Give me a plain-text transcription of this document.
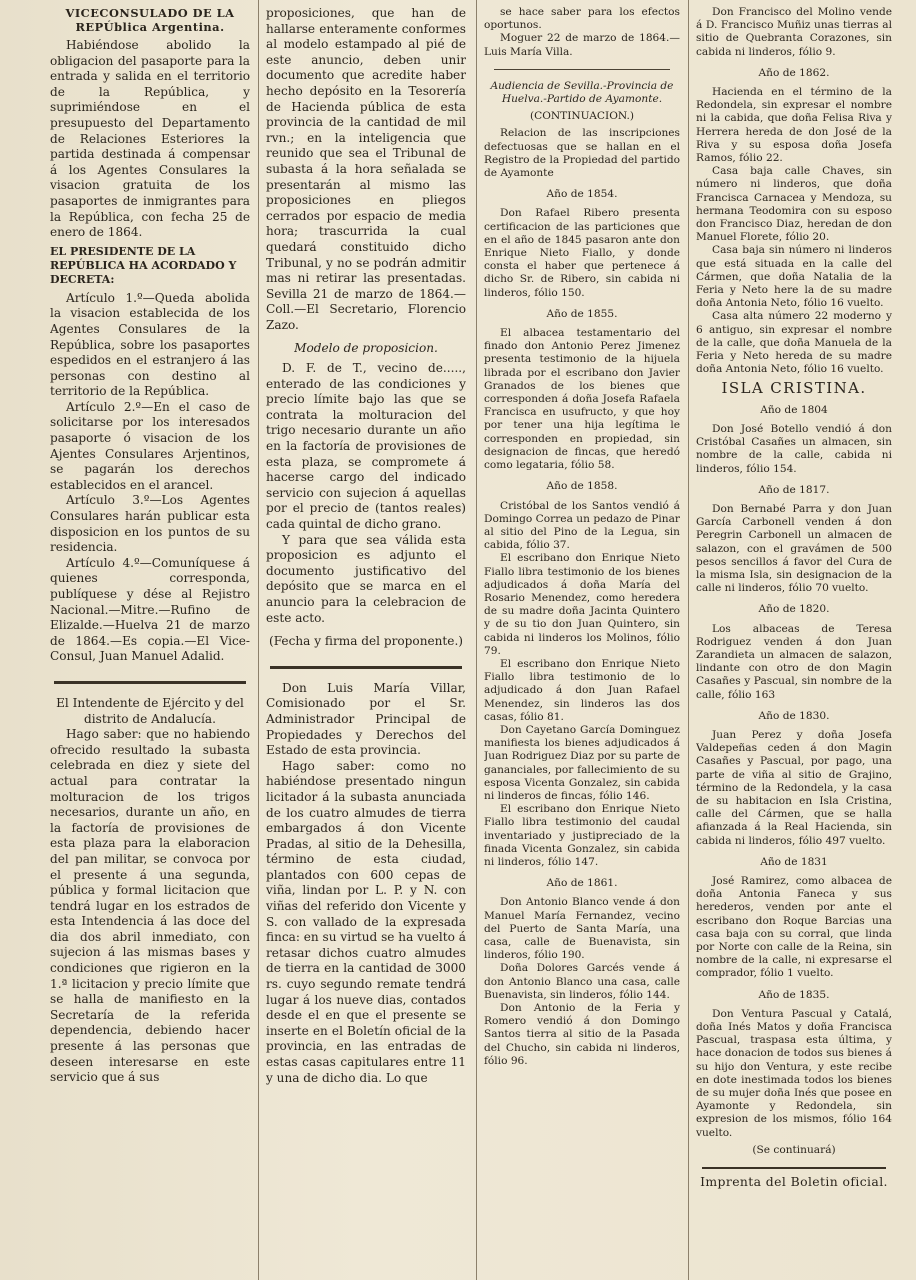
VICECONSULADO DE LA REPÚblica Argentina.

Habiéndose abolido la obligacion del pasaporte para la entrada y salida en el territorio de la República, y suprimiéndose en el presupuesto del Departamento de Relaciones Esteriores la partida destinada á compensar á los Agentes Consulares la visacion gratuita de los pasaportes de inmigrantes para la República, con fecha 25 de enero de 1864.

EL PRESIDENTE DE LA REPÚBLICA HA ACORDADO Y DECRETA:

Artículo 1.º—Queda abolida la visacion establecida de los Agentes Consulares de la República, sobre los pasaportes espedidos en el estranjero á las personas con destino al territorio de la República.

Artículo 2.º—En el caso de solicitarse por los interesados pasaporte ó visacion de los Ajentes Consulares Arjentinos, se pagarán los derechos establecidos en el arancel.

Artículo 3.º—Los Agentes Consulares harán publicar esta disposicion en los puntos de su residencia.

Artículo 4.º—Comuníquese á quienes corresponda, publíquese y dése al Rejistro Nacional.—Mitre.—Rufino de Elizalde.—Huelva 21 de marzo de 1864.—Es copia.—El Vice-Consul, Juan Manuel Adalid.

El Intendente de Ejército y del distrito de Andalucía.

Hago saber: que no habiendo ofrecido resultado la subasta celebrada en diez y siete del actual para contratar la molturacion de los trigos necesarios, durante un año, en la factoría de provisiones de esta plaza para la elaboracion del pan militar, se convoca por el presente á una segunda, pública y formal licitacion que tendrá lugar en los estrados de esta Intendencia á las doce del dia dos abril inmediato, con sujecion á las mismas bases y condiciones que rigieron en la 1.ª licitacion y precio límite que se halla de manifiesto en la Secretaría de la referida dependencia, debiendo hacer presente á las personas que deseen interesarse en este servicio que á sus

proposiciones, que han de hallarse enteramente conformes al modelo estampado al pié de este anuncio, deben unir documento que acredite haber hecho depósito en la Tesorería de Hacienda pública de esta provincia de la cantidad de mil rvn.; en la inteligencia que reunido que sea el Tribunal de subasta á la hora señalada se presentarán al mismo las proposiciones en pliegos cerrados por espacio de media hora; trascurrida la cual quedará constituido dicho Tribunal, y no se podrán admitir mas ni retirar las presentadas. Sevilla 21 de marzo de 1864.—Coll.—El Secretario, Florencio Zazo.

Modelo de proposicion.

D. F. de T., vecino de....., enterado de las condiciones y precio límite bajo las que se contrata la molturacion del trigo necesario durante un año en la factoría de provisiones de esta plaza, se compromete á hacerse cargo del indicado servicio con sujecion á aquellas por el precio de (tantos reales) cada quintal de dicho grano.

Y para que sea válida esta proposicion es adjunto el documento justificativo del depósito que se marca en el anuncio para la celebracion de este acto.

(Fecha y firma del proponente.)

Don Luis María Villar, Comisionado por el Sr. Administrador Principal de Propiedades y Derechos del Estado de esta provincia.

Hago saber: como no habiéndose presentado ningun licitador á la subasta anunciada de los cuatro almudes de tierra embargados á don Vicente Pradas, al sitio de la Dehesilla, término de esta ciudad, plantados con 600 cepas de viña, lindan por L. P. y N. con viñas del referido don Vicente y S. con vallado de la expresada finca: en su virtud se ha vuelto á retasar dichos cuatro almudes de tierra en la cantidad de 3000 rs. cuyo segundo remate tendrá lugar á los nueve dias, contados desde el en que el presente se inserte en el Boletín oficial de la provincia, en las entradas de estas casas capitulares entre 11 y una de dicho dia. Lo que

se hace saber para los efectos oportunos.

Moguer 22 de marzo de 1864.—Luis María Villa.

Audiencia de Sevilla.-Provincia de Huelva.-Partido de Ayamonte.

(CONTINUACION.)

Relacion de las inscripciones defectuosas que se hallan en el Registro de la Propiedad del partido de Ayamonte

Año de 1854.

Don Rafael Ribero presenta certificacion de las particiones que en el año de 1845 pasaron ante don Enrique Nieto Fiallo, y donde consta el haber que pertenece á dicho Sr. de Ribero, sin cabida ni linderos, fólio 150.

Año de 1855.

El albacea testamentario del finado don Antonio Perez Jimenez presenta testimonio de la hijuela librada por el escribano don Javier Granados de los bienes que corresponden á doña Josefa Rafaela Francisca en usufructo, y que hoy por tener una hija legítima le corresponden en propiedad, sin designacion de fincas, que heredó como legataria, fólio 58.

Año de 1858.

Cristóbal de los Santos vendió á Domingo Correa un pedazo de Pinar al sitio del Pino de la Legua, sin cabida, fólio 37.

El escribano don Enrique Nieto Fiallo libra testimonio de los bienes adjudicados á doña María del Rosario Menendez, como heredera de su madre doña Jacinta Quintero y de su tio don Juan Quintero, sin cabida ni linderos los Molinos, fólio 79.

El escribano don Enrique Nieto Fiallo libra testimonio de lo adjudicado á don Juan Rafael Menendez, sin linderos las dos casas, fólio 81.

Don Cayetano García Dominguez manifiesta los bienes adjudicados á Juan Rodriguez Diaz por su parte de gananciales, por fallecimiento de su esposa Vicenta Gonzalez, sin cabida ni linderos de fincas, fólio 146.

El escribano don Enrique Nieto Fiallo libra testimonio del caudal inventariado y justipreciado de la finada Vicenta Gonzalez, sin cabida ni linderos, fólio 147.

Año de 1861.

Don Antonio Blanco vende á don Manuel María Fernandez, vecino del Puerto de Santa María, una casa, calle de Buenavista, sin linderos, fólio 190.

Doña Dolores Garcés vende á don Antonio Blanco una casa, calle Buenavista, sin linderos, fólio 144.

Don Antonio de la Feria y Romero vendió á don Domingo Santos tierra al sitio de la Pasada del Chucho, sin cabida ni linderos, fólio 96.

Don Francisco del Molino vende á D. Francisco Muñiz unas tierras al sitio de Quebranta Corazones, sin cabida ni linderos, fólio 9.

Año de 1862.

Hacienda en el término de la Redondela, sin expresar el nombre ni la cabida, que doña Felisa Riva y Herrera hereda de don José de la Riva y su esposa doña Josefa Ramos, fólio 22.

Casa baja calle Chaves, sin número ni linderos, que doña Francisca Carnacea y Mendoza, su hermana Teodomira con su esposo don Francisco Diaz, heredan de don Manuel Florete, fólio 20.

Casa baja sin número ni linderos que está situada en la calle del Cármen, que doña Natalia de la Feria y Neto here la de su madre doña Antonia Neto, fólio 16 vuelto.

Casa alta número 22 moderno y 6 antiguo, sin expresar el nombre de la calle, que doña Manuela de la Feria y Neto hereda de su madre doña Antonia Neto, fólio 16 vuelto.

ISLA CRISTINA.

Año de 1804

Don José Botello vendió á don Cristóbal Casañes un almacen, sin nombre de la calle, cabida ni linderos, fólio 154.

Año de 1817.

Don Bernabé Parra y don Juan García Carbonell venden á don Peregrin Carbonell un almacen de salazon, con el gravámen de 500 pesos sencillos á favor del Cura de la misma Isla, sin designacion de la calle ni linderos, fólio 70 vuelto.

Año de 1820.

Los albaceas de Teresa Rodriguez venden á don Juan Zarandieta un almacen de salazon, lindante con otro de don Magin Casañes y Pascual, sin nombre de la calle, fólio 163

Año de 1830.

Juan Perez y doña Josefa Valdepeñas ceden á don Magin Casañes y Pascual, por pago, una parte de viña al sitio de Grajino, término de la Redondela, y la casa de su habitacion en Isla Cristina, calle del Cármen, que se halla afianzada á la Real Hacienda, sin cabida ni linderos, fólio 497 vuelto.

Año de 1831

José Ramirez, como albacea de doña Antonia Faneca y sus herederos, venden por ante el escribano don Roque Barcias una casa baja con su corral, que linda por Norte con calle de la Reina, sin nombre de la calle, ni expresarse el comprador, fólio 1 vuelto.

Año de 1835.

Don Ventura Pascual y Catalá, doña Inés Matos y doña Francisca Pascual, traspasa esta última, y hace donacion de todos sus bienes á su hijo don Ventura, y este recibe en dote inestimada todos los bienes de su mujer doña Inés que posee en Ayamonte y Redondela, sin expresion de los mismos, fólio 164 vuelto.

(Se continuará)

Imprenta del Boletin oficial.
